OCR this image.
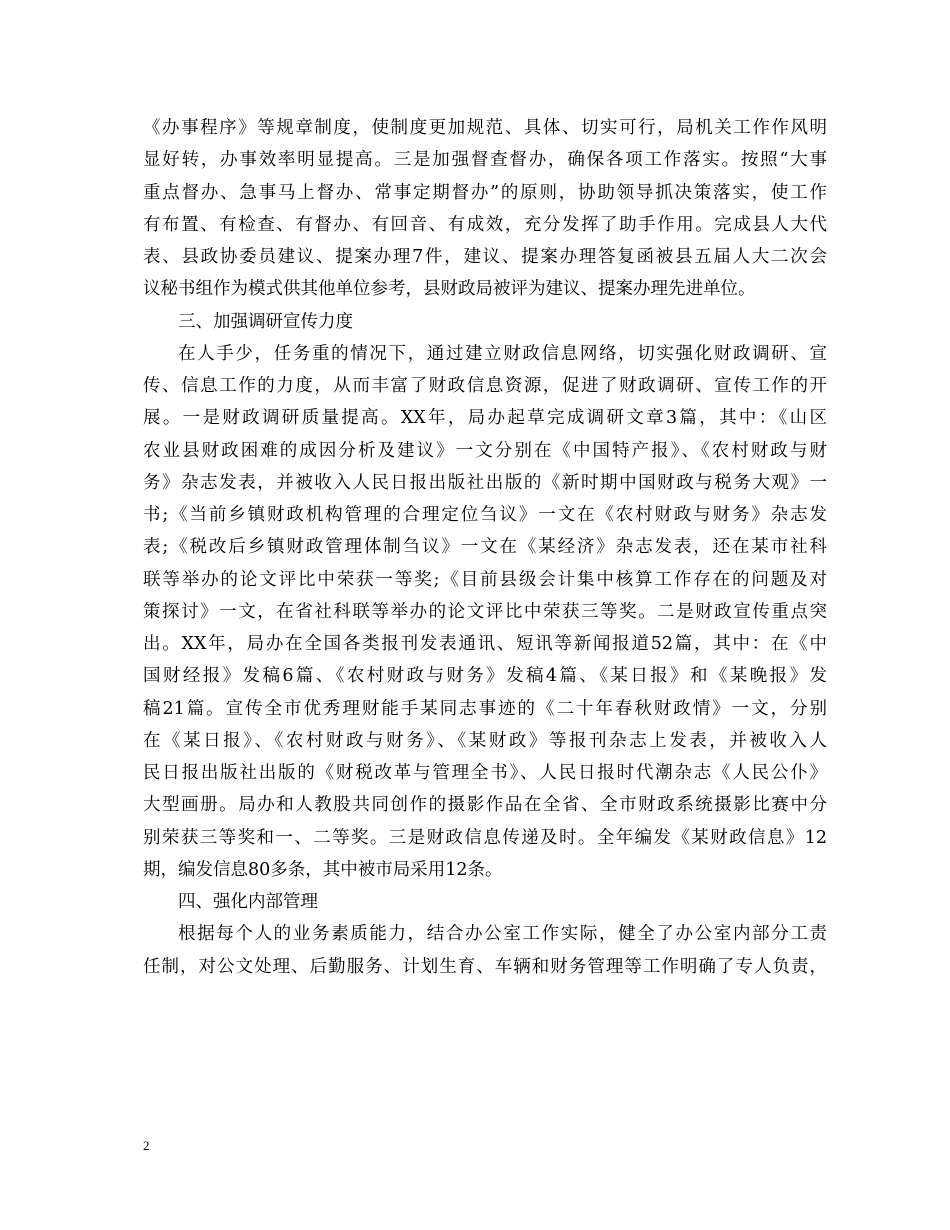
《办事程序》等规章制度，使制度更加规范、具体、切实可行，局机关工作作风明
显好转，办事效率明显提高。三是加强督查督办，确保各项工作落实。按照“大事
重点督办、急事马上督办、常事定期督办”的原则，协助领导抓决策落实，使工作
有布置、有检查、有督办、有回音、有成效，充分发挥了助手作用。完成县人大代
表、县政协委员建议、提案办理7件，建议、提案办理答复函被县五届人大二次会
议秘书组作为模式供其他单位参考，县财政局被评为建议、提案办理先进单位。
三、加强调研宣传力度
在人手少，任务重的情况下，通过建立财政信息网络，切实强化财政调研、宣
传、信息工作的力度，从而丰富了财政信息资源，促进了财政调研、宣传工作的开
展。一是财政调研质量提高。XX年，局办起草完成调研文章3篇，其中：《山区
农业县财政困难的成因分析及建议》一文分别在《中国特产报》、《农村财政与财
务》杂志发表，并被收入人民日报出版社出版的《新时期中国财政与税务大观》一
书;《当前乡镇财政机构管理的合理定位刍议》一文在《农村财政与财务》杂志发
表;《税改后乡镇财政管理体制刍议》一文在《某经济》杂志发表，还在某市社科
联等举办的论文评比中荣获一等奖;《目前县级会计集中核算工作存在的问题及对
策探讨》一文，在省社科联等举办的论文评比中荣获三等奖。二是财政宣传重点突
出。XX年，局办在全国各类报刊发表通讯、短讯等新闻报道52篇，其中：在《中
国财经报》发稿6篇、《农村财政与财务》发稿4篇、《某日报》和《某晚报》发
稿21篇。宣传全市优秀理财能手某同志事迹的《二十年春秋财政情》一文，分别
在《某日报》、《农村财政与财务》、《某财政》等报刊杂志上发表，并被收入人
民日报出版社出版的《财税改革与管理全书》、人民日报时代潮杂志《人民公仆》
大型画册。局办和人教股共同创作的摄影作品在全省、全市财政系统摄影比赛中分
别荣获三等奖和一、二等奖。三是财政信息传递及时。全年编发《某财政信息》12
期，编发信息80多条，其中被市局采用12条。
四、强化内部管理
根据每个人的业务素质能力，结合办公室工作实际，健全了办公室内部分工责
任制，对公文处理、后勤服务、计划生育、车辆和财务管理等工作明确了专人负责，
2
